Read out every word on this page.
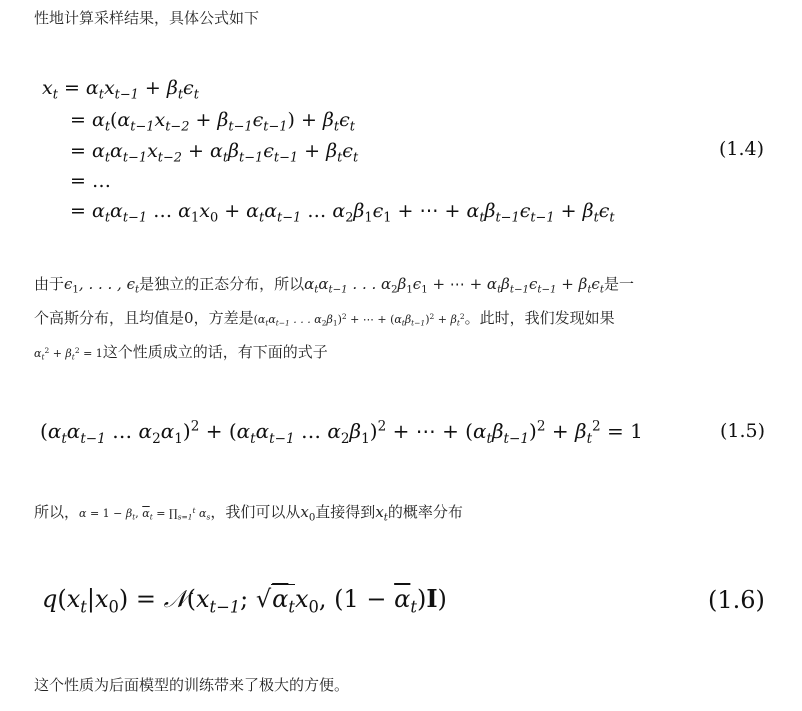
性地计算采样结果，具体公式如下
$x_t = \alpha_tx_{t-1} + \beta_t\epsilon_t$
= $\alpha_t(\alpha_{t-1}x_{t-2} + \beta_{t-1}\epsilon_{t-1}) + \beta_t\epsilon_t$
= $\alpha_t\alpha_{t-1}x_{t-2} + \alpha_t\beta_{t-1}\epsilon_{t-1} + \beta_t\epsilon_t$
= …
= $\alpha_t\alpha_{t-1}$ … $\alpha_1x_0 + \alpha_t\alpha_{t-1}$ … $\alpha_2\beta_1\epsilon_1$ + ⋯ + $\alpha_t\beta_{t-1}\epsilon_{t-1} + \beta_t\epsilon_t$
(1.4)
由于$\epsilon_1$, . . . , $\epsilon_t$是独立的正态分布，所以$\alpha_t\alpha_{t-1}$ . . . $\alpha_2\beta_1\epsilon_1$ + ⋯ + $\alpha_t\beta_{t-1}\epsilon_{t-1} + \beta_t\epsilon_t$是一
个高斯分布，且均值是0，方差是($\alpha_t\alpha_{t-1}$ . . . $\alpha_2\beta_1)^2$ + ⋯ + $(\alpha_t\beta_{t-1})^2 + \beta_t^2$。此时，我们发现如果
$\alpha_t^2 + \beta_t^2 = 1$这个性质成立的话，有下面的式子
($\alpha_t\alpha_{t-1}$ … $\alpha_2\alpha_1)^2 + (\alpha_t\alpha_{t-1}$ … $\alpha_2\beta_1)^2$ + ⋯ + $(\alpha_t\beta_{t-1})^2 + \beta_t^2 = 1$	(1.5)
所以，$\alpha = 1 - \beta_t$, $\overline{\alpha}_t$ = $\prod_{s=1}^t$ $\alpha_s$，我们可以从$x_0$直接得到$x_t$的概率分布
$q(x_t|x_0)$ = $𝒩(x_{t-1}$; $√\alpha_tx_0$, $(1 - \overline{\alpha}_t)I$)	(1.6)
这个性质为后面模型的训练带来了极大的方便。
